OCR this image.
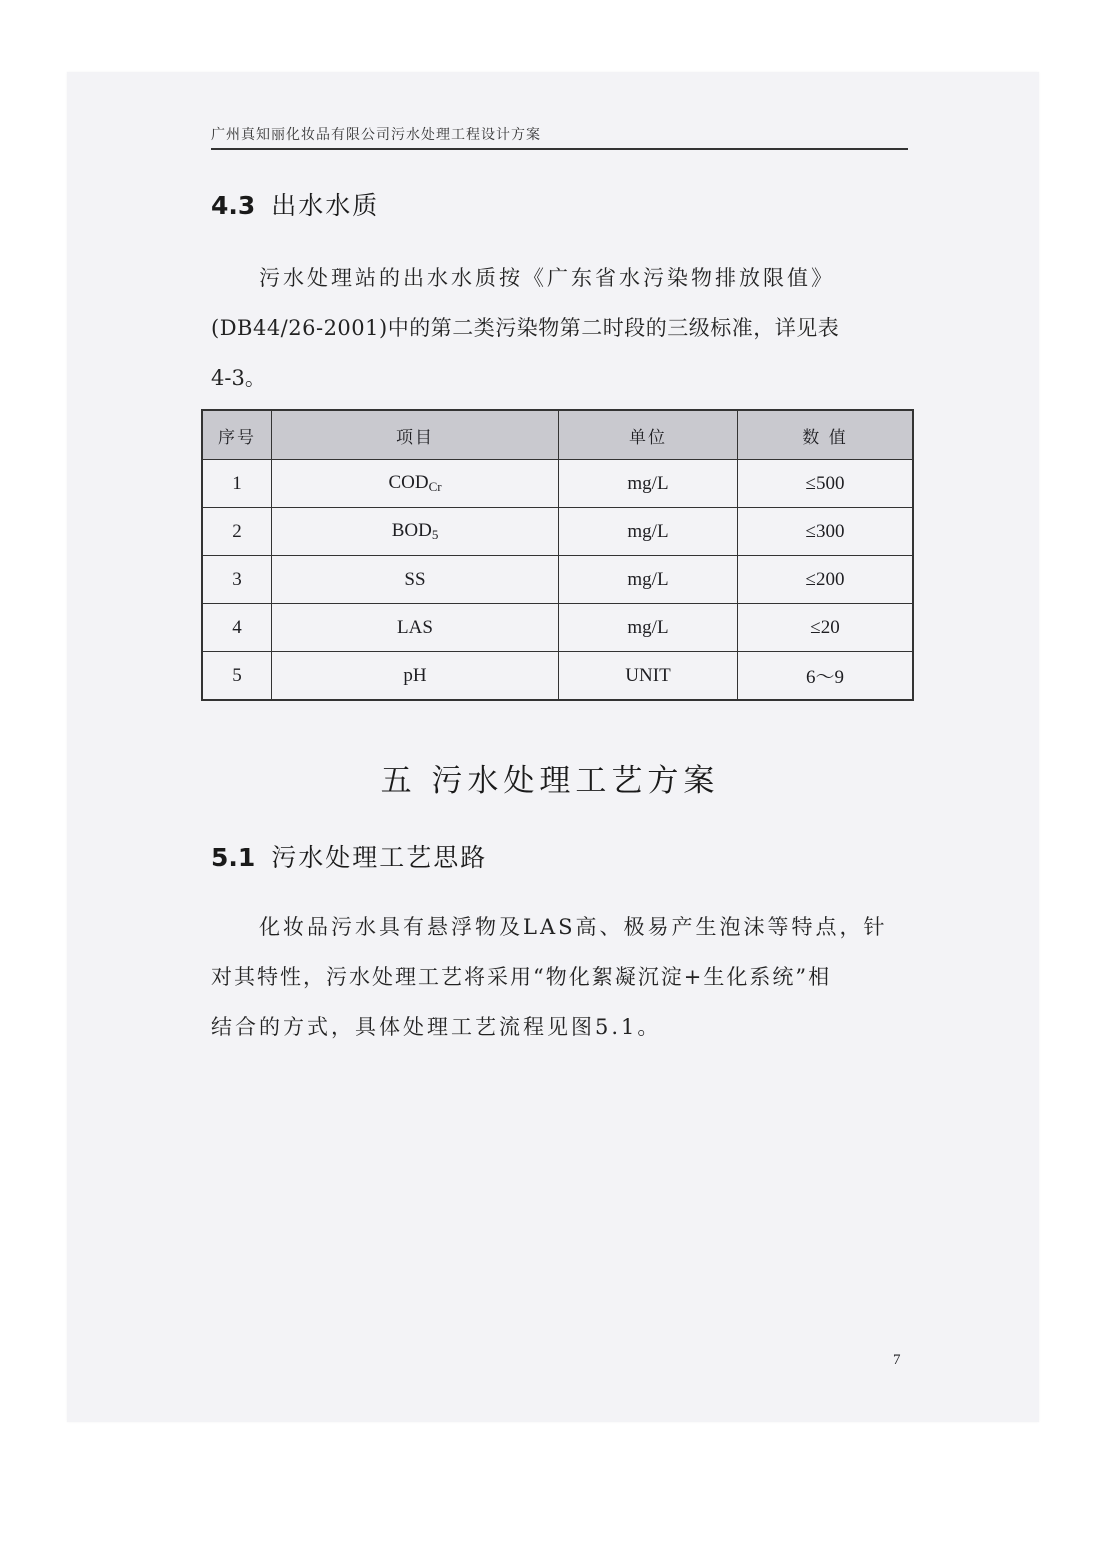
广州真知丽化妆品有限公司污水处理工程设计方案
4.3 出水水质
污水处理站的出水水质按《广东省水污染物排放限值》
(DB44/26-2001)中的第二类污染物第二时段的三级标准，详见表
4-3。
序号	项目	单位	数 值
1	$COD_{Cr}$	mg/L	≤500
2	$BOD_5$	mg/L	≤300
3	SS	mg/L	≤200
4	LAS	mg/L	≤20
5	pH	UNIT	6～9
五 污水处理工艺方案
5.1 污水处理工艺思路
化妆品污水具有悬浮物及LAS高、极易产生泡沫等特点，针
对其特性，污水处理工艺将采用“物化絮凝沉淀+生化系统”相
结合的方式，具体处理工艺流程见图5.1。
7
